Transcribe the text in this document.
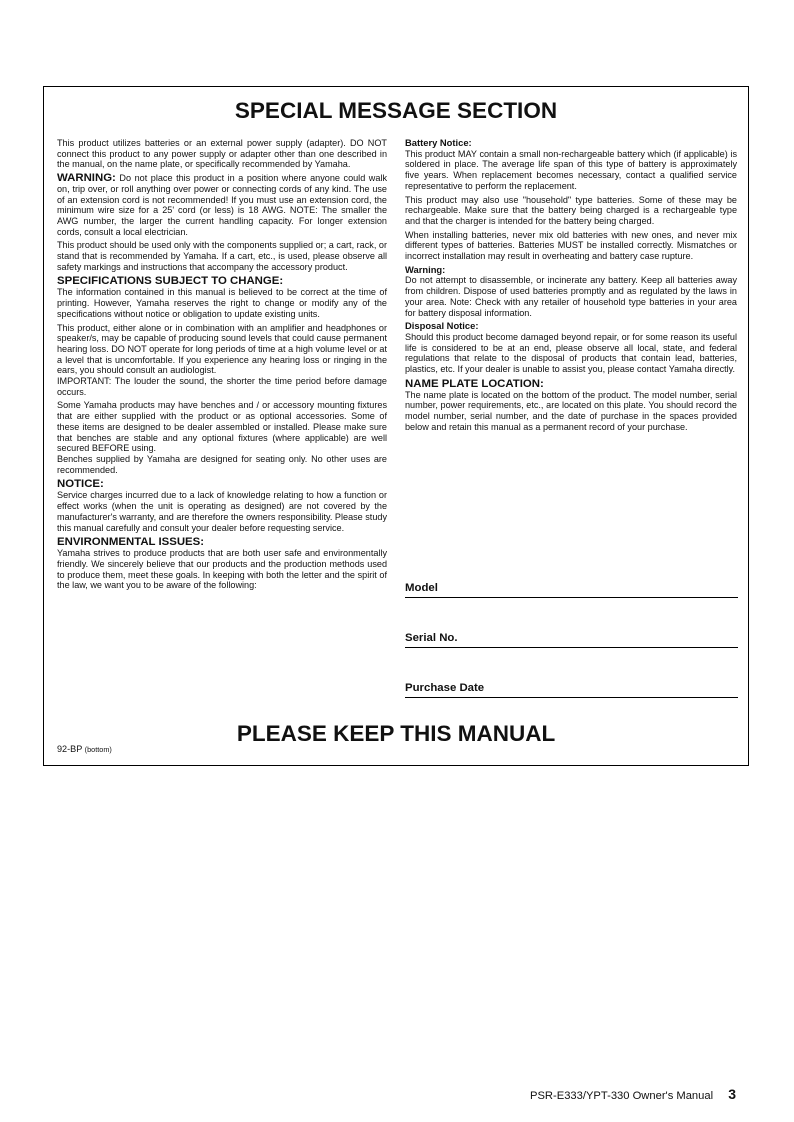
SPECIAL MESSAGE SECTION

This product utilizes batteries or an external power supply (adapter). DO NOT connect this product to any power supply or adapter other than one described in the manual, on the name plate, or specifically recommended by Yamaha.

WARNING: Do not place this product in a position where anyone could walk on, trip over, or roll anything over power or connecting cords of any kind. The use of an extension cord is not recommended! If you must use an extension cord, the minimum wire size for a 25' cord (or less) is 18 AWG. NOTE: The smaller the AWG number, the larger the current handling capacity. For longer extension cords, consult a local electrician.

This product should be used only with the components supplied or; a cart, rack, or stand that is recommended by Yamaha. If a cart, etc., is used, please observe all safety markings and instructions that accompany the accessory product.

SPECIFICATIONS SUBJECT TO CHANGE:

The information contained in this manual is believed to be correct at the time of printing. However, Yamaha reserves the right to change or modify any of the specifications without notice or obligation to update existing units.

This product, either alone or in combination with an amplifier and headphones or speaker/s, may be capable of producing sound levels that could cause permanent hearing loss. DO NOT operate for long periods of time at a high volume level or at a level that is uncomfortable. If you experience any hearing loss or ringing in the ears, you should consult an audiologist.

IMPORTANT: The louder the sound, the shorter the time period before damage occurs.

Some Yamaha products may have benches and / or accessory mounting fixtures that are either supplied with the product or as optional accessories. Some of these items are designed to be dealer assembled or installed. Please make sure that benches are stable and any optional fixtures (where applicable) are well secured BEFORE using.

Benches supplied by Yamaha are designed for seating only. No other uses are recommended.

NOTICE:

Service charges incurred due to a lack of knowledge relating to how a function or effect works (when the unit is operating as designed) are not covered by the manufacturer's warranty, and are therefore the owners responsibility. Please study this manual carefully and consult your dealer before requesting service.

ENVIRONMENTAL ISSUES:

Yamaha strives to produce products that are both user safe and environmentally friendly. We sincerely believe that our products and the production methods used to produce them, meet these goals. In keeping with both the letter and the spirit of the law, we want you to be aware of the following:

Battery Notice:

This product MAY contain a small non-rechargeable battery which (if applicable) is soldered in place. The average life span of this type of battery is approximately five years. When replacement becomes necessary, contact a qualified service representative to perform the replacement.

This product may also use "household" type batteries. Some of these may be rechargeable. Make sure that the battery being charged is a rechargeable type and that the charger is intended for the battery being charged.

When installing batteries, never mix old batteries with new ones, and never mix different types of batteries. Batteries MUST be installed correctly. Mismatches or incorrect installation may result in overheating and battery case rupture.

Warning:

Do not attempt to disassemble, or incinerate any battery. Keep all batteries away from children. Dispose of used batteries promptly and as regulated by the laws in your area. Note: Check with any retailer of household type batteries in your area for battery disposal information.

Disposal Notice:

Should this product become damaged beyond repair, or for some reason its useful life is considered to be at an end, please observe all local, state, and federal regulations that relate to the disposal of products that contain lead, batteries, plastics, etc. If your dealer is unable to assist you, please contact Yamaha directly.

NAME PLATE LOCATION:

The name plate is located on the bottom of the product. The model number, serial number, power requirements, etc., are located on this plate. You should record the model number, serial number, and the date of purchase in the spaces provided below and retain this manual as a permanent record of your purchase.

Model
Serial No.
Purchase Date
PLEASE KEEP THIS MANUAL
92-BP (bottom)
PSR-E333/YPT-330 Owner's Manual 3
